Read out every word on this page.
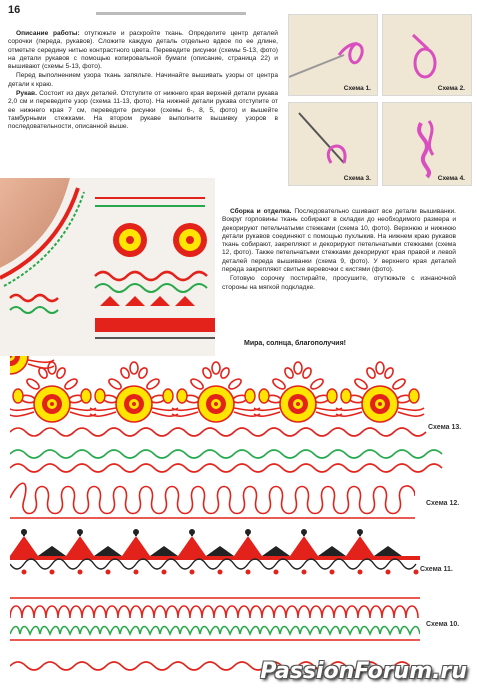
16

Описание работы: отутюжьте и раскройте ткань. Определите центр деталей сорочки (переда, рукавов). Сложите каждую деталь отдельно вдвое по ее длине, отметьте середину нитью контрастного цвета. Переведите рисунки (схемы 5-13, фото) на детали рукавов с помощью копировальной бумаги (описание, страница 22) и вышивают (схемы 5-13, фото).

Перед выполнением узора ткань запяльте. Начинайте вышивать узоры от центра детали к краю.

Рукав. Состоит из двух деталей. Отступите от нижнего края верхней детали рукава 2,0 см и переведите узор (схема 11-13, фото). На нижней детали рукава отступите от ее нижнего края 7 см, переведите рисунки (схемы 6-, 8, 5, фото) и вышейте тамбурными стежками. На втором рукаве выполните вышивку узоров в последовательности, описанной выше.

Схема 1.	Схема 2.
Схема 3.	Схема 4.

Сборка и отделка. Последовательно сшивают все детали вышиванки. Вокруг горловины ткань собирают в складки до необходимого размера и декорируют петельчатыми стежками (схема 10, фото). Верхнюю и нижнюю детали рукавов соединяют с помощью пухлыкив. На нижнем краю рукавов ткань собирают, закрепляют и декорируют петельчатыми стежками (схема 12, фото). Также петельчатыми стежками декорируют края правой и левой деталей переда вышиванки (схема 9, фото). У верхнего края деталей переда закрепляют свитые веревочки с кистями (фото).

Готовую сорочку постирайте, просушите, отутюжьте с изнаночной стороны на мягкой подкладке.

Мира, солнца, благополучия!
Схема 13.
Схема 12.
Схема 11.
Схема 10.
PassionForum.ru
